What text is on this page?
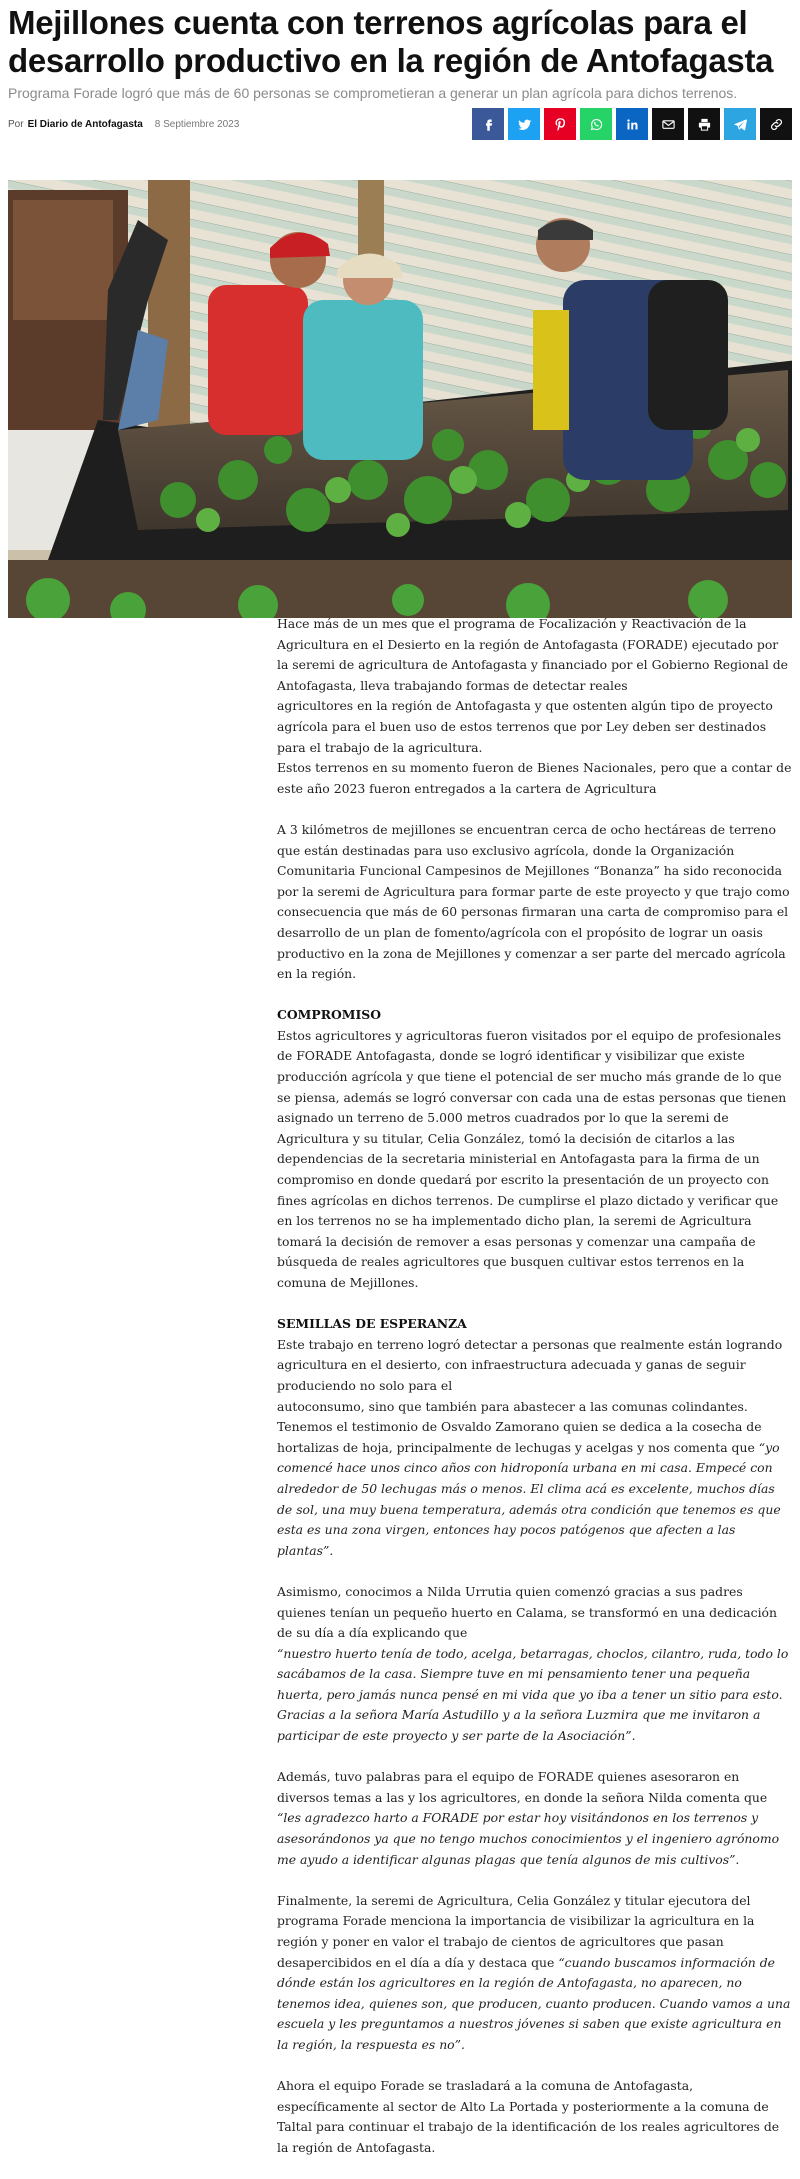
Mejillones cuenta con terrenos agrícolas para el desarrollo productivo en la región de Antofagasta
Programa Forade logró que más de 60 personas se comprometieran a generar un plan agrícola para dichos terrenos.
Por El Diario de Antofagasta 8 Septiembre 2023

Hace más de un mes que el programa de Focalización y Reactivación de la Agricultura en el Desierto en la región de Antofagasta (FORADE) ejecutado por la seremi de agricultura de Antofagasta y financiado por el Gobierno Regional de Antofagasta, lleva trabajando formas de detectar reales
agricultores en la región de Antofagasta y que ostenten algún tipo de proyecto agrícola para el buen uso de estos terrenos que por Ley deben ser destinados para el trabajo de la agricultura.
Estos terrenos en su momento fueron de Bienes Nacionales, pero que a contar de este año 2023 fueron entregados a la cartera de Agricultura

A 3 kilómetros de mejillones se encuentran cerca de ocho hectáreas de terreno que están destinadas para uso exclusivo agrícola, donde la Organización Comunitaria Funcional Campesinos de Mejillones “Bonanza” ha sido reconocida por la seremi de Agricultura para formar parte de este proyecto y que trajo como consecuencia que más de 60 personas firmaran una carta de compromiso para el desarrollo de un plan de fomento/agrícola con el propósito de lograr un oasis productivo en la zona de Mejillones y comenzar a ser parte del mercado agrícola en la región.

COMPROMISO
Estos agricultores y agricultoras fueron visitados por el equipo de profesionales de FORADE Antofagasta, donde se logró identificar y visibilizar que existe producción agrícola y que tiene el potencial de ser mucho más grande de lo que se piensa, además se logró conversar con cada una de estas personas que tienen asignado un terreno de 5.000 metros cuadrados por lo que la seremi de Agricultura y su titular, Celia González, tomó la decisión de citarlos a las dependencias de la secretaria ministerial en Antofagasta para la firma de un compromiso en donde quedará por escrito la presentación de un proyecto con fines agrícolas en dichos terrenos. De cumplirse el plazo dictado y verificar que en los terrenos no se ha implementado dicho plan, la seremi de Agricultura tomará la decisión de remover a esas personas y comenzar una campaña de búsqueda de reales agricultores que busquen cultivar estos terrenos en la comuna de Mejillones.

SEMILLAS DE ESPERANZA
Este trabajo en terreno logró detectar a personas que realmente están logrando agricultura en el desierto, con infraestructura adecuada y ganas de seguir produciendo no solo para el
autoconsumo, sino que también para abastecer a las comunas colindantes. Tenemos el testimonio de Osvaldo Zamorano quien se dedica a la cosecha de hortalizas de hoja, principalmente de lechugas y acelgas y nos comenta que “yo comencé hace unos cinco años con hidroponía urbana en mi casa. Empecé con alrededor de 50 lechugas más o menos. El clima acá es excelente, muchos días de sol, una muy buena temperatura, además otra condición que tenemos es que esta es una zona virgen, entonces hay pocos patógenos que afecten a las plantas”.

Asimismo, conocimos a Nilda Urrutia quien comenzó gracias a sus padres quienes tenían un pequeño huerto en Calama, se transformó en una dedicación de su día a día explicando que
“nuestro huerto tenía de todo, acelga, betarragas, choclos, cilantro, ruda, todo lo sacábamos de la casa. Siempre tuve en mi pensamiento tener una pequeña huerta, pero jamás nunca pensé en mi vida que yo iba a tener un sitio para esto. Gracias a la señora María Astudillo y a la señora Luzmira que me invitaron a participar de este proyecto y ser parte de la Asociación”.

Además, tuvo palabras para el equipo de FORADE quienes asesoraron en diversos temas a las y los agricultores, en donde la señora Nilda comenta que “les agradezco harto a FORADE por estar hoy visitándonos en los terrenos y asesorándonos ya que no tengo muchos conocimientos y el ingeniero agrónomo
me ayudo a identificar algunas plagas que tenía algunos de mis cultivos”.

Finalmente, la seremi de Agricultura, Celia González y titular ejecutora del programa Forade menciona la importancia de visibilizar la agricultura en la región y poner en valor el trabajo de cientos de agricultores que pasan desapercibidos en el día a día y destaca que “cuando buscamos información de dónde están los agricultores en la región de Antofagasta, no aparecen, no tenemos idea, quienes son, que producen, cuanto producen. Cuando vamos a una escuela y les preguntamos a nuestros jóvenes si saben que existe agricultura en la región, la respuesta es no”.

Ahora el equipo Forade se trasladará a la comuna de Antofagasta, específicamente al sector de Alto La Portada y posteriormente a la comuna de Taltal para continuar el trabajo de la identificación de los reales agricultores de la región de Antofagasta.
